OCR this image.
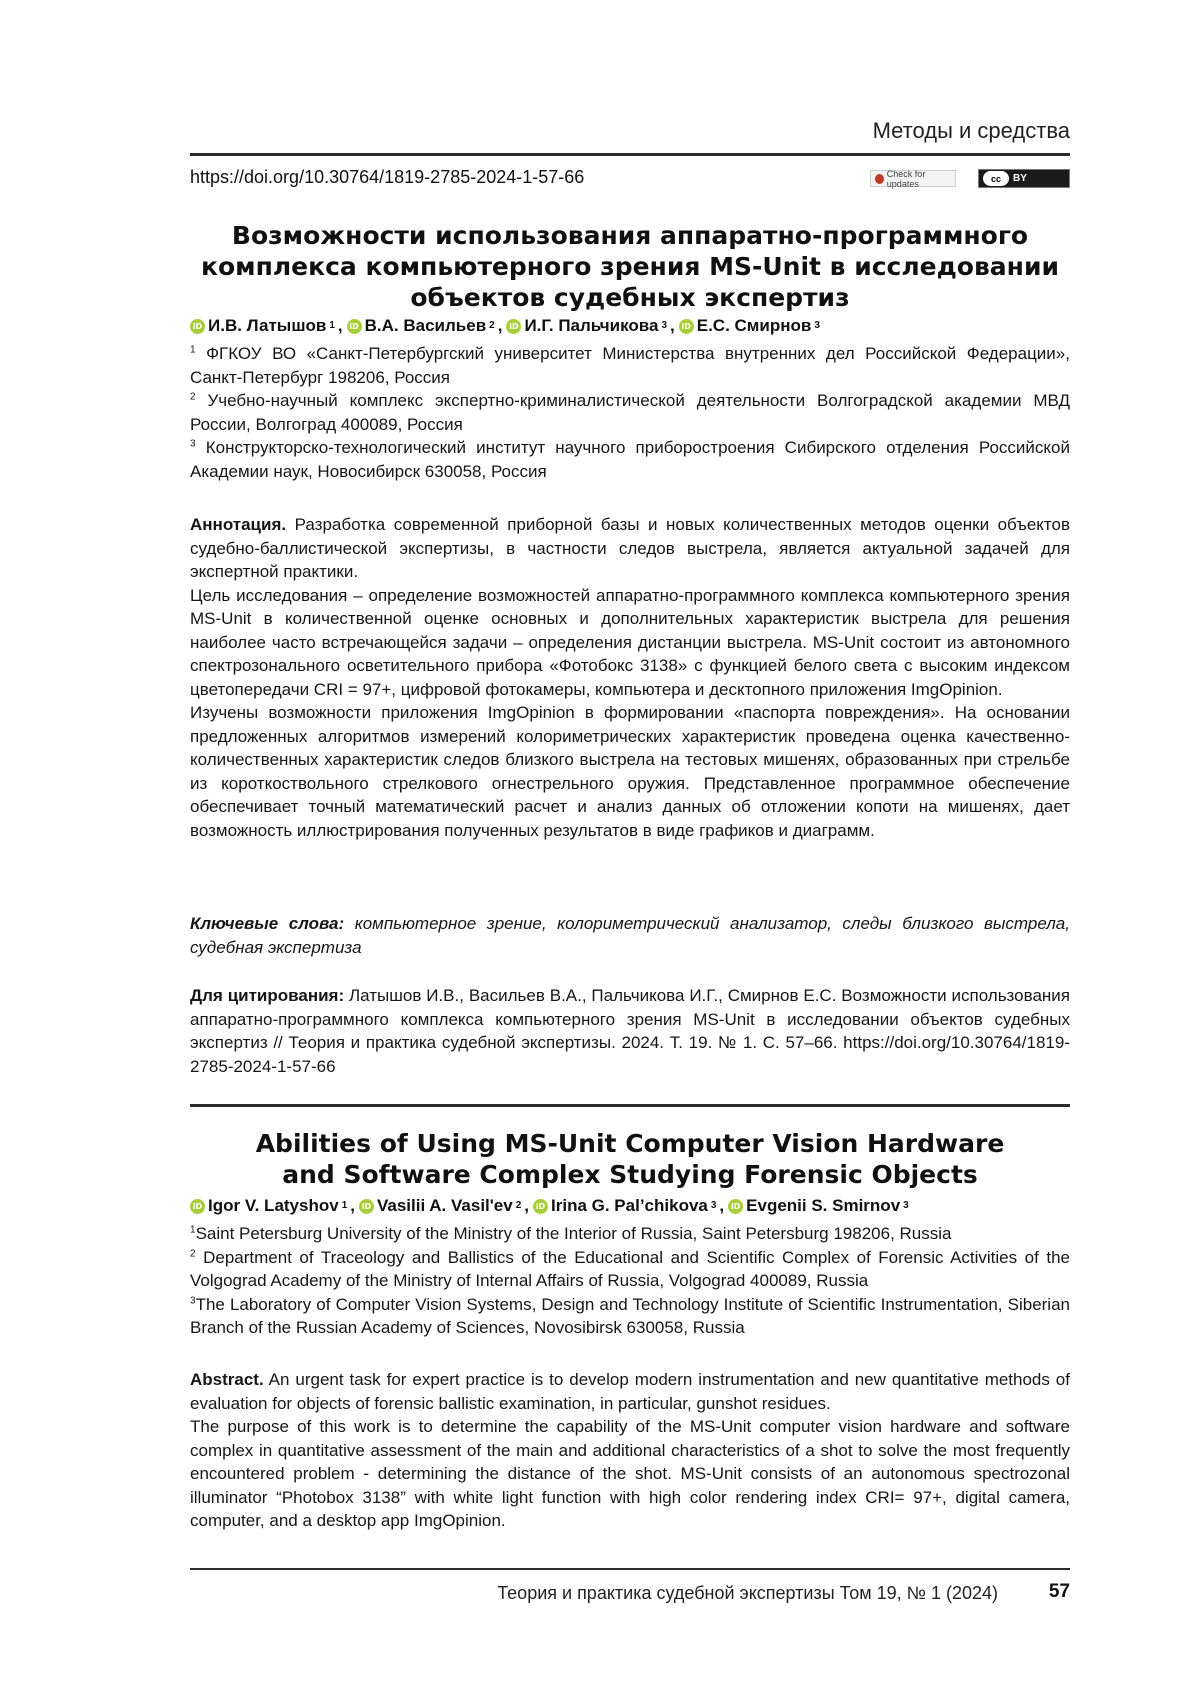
Методы и средства
https://doi.org/10.30764/1819-2785-2024-1-57-66	Check for updates	cc	BY
Возможности использования аппаратно-программного
комплекса компьютерного зрения MS-Unit в исследовании
объектов судебных экспертиз
iD И.В. Латышов 1 , iD В.А. Васильев 2 , iD И.Г. Пальчикова 3 , iD Е.С. Смирнов 3

$^1$ ФГКОУ ВО «Санкт-Петербургский университет Министерства внутренних дел Российской Федерации», Санкт-Петербург 198206, Россия

$^2$ Учебно-научный комплекс экспертно-криминалистической деятельности Волгоградской академии МВД России, Волгоград 400089, Россия

$^3$ Конструкторско-технологический институт научного приборостроения Сибирского отделения Российской Академии наук, Новосибирск 630058, Россия

Аннотация. Разработка современной приборной базы и новых количественных методов оценки объектов судебно-баллистической экспертизы, в частности следов выстрела, является актуальной задачей для экспертной практики.

Цель исследования – определение возможностей аппаратно-программного комплекса компьютерного зрения MS-Unit в количественной оценке основных и дополнительных характеристик выстрела для решения наиболее часто встречающейся задачи – определения дистанции выстрела. MS-Unit состоит из автономного спектрозонального осветительного прибора «Фотобокс 3138» с функцией белого света с высоким индексом цветопередачи CRI = 97+, цифровой фотокамеры, компьютера и десктопного приложения ImgOpinion.

Изучены возможности приложения ImgOpinion в формировании «паспорта повреждения». На основании предложенных алгоритмов измерений колориметрических характеристик проведена оценка качественно-количественных характеристик следов близкого выстрела на тестовых мишенях, образованных при стрельбе из короткоствольного стрелкового огнестрельного оружия. Представленное программное обеспечение обеспечивает точный математический расчет и анализ данных об отложении копоти на мишенях, дает возможность иллюстрирования полученных результатов в виде графиков и диаграмм.

Ключевые слова: компьютерное зрение, колориметрический анализатор, следы близкого выстрела, судебная экспертиза

Для цитирования: Латышов И.В., Васильев В.А., Пальчикова И.Г., Смирнов Е.С. Возможности использования аппаратно-программного комплекса компьютерного зрения MS-Unit в исследовании объектов судебных экспертиз // Теория и практика судебной экспертизы. 2024. Т. 19. № 1. С. 57–66. https://doi.org/10.30764/1819-2785-2024-1-57-66

Abilities of Using MS-Unit Computer Vision Hardware
and Software Complex Studying Forensic Objects
iD Igor V. Latyshov 1 , iD Vasilii A. Vasil'ev 2 , iD Irina G. Pal’chikova 3 , iD Evgenii S. Smirnov 3

$^1$Saint Petersburg University of the Ministry of the Interior of Russia, Saint Petersburg 198206, Russia

$^2$ Department of Traceology and Ballistics of the Educational and Scientific Complex of Forensic Activities of the Volgograd Academy of the Ministry of Internal Affairs of Russia, Volgograd 400089, Russia

$^3$The Laboratory of Computer Vision Systems, Design and Technology Institute of Scientific Instrumentation, Siberian Branch of the Russian Academy of Sciences, Novosibirsk 630058, Russia

Abstract. An urgent task for expert practice is to develop modern instrumentation and new quantitative methods of evaluation for objects of forensic ballistic examination, in particular, gunshot residues.

The purpose of this work is to determine the capability of the MS-Unit computer vision hardware and software complex in quantitative assessment of the main and additional characteristics of a shot to solve the most frequently encountered problem - determining the distance of the shot. MS-Unit consists of an autonomous spectrozonal illuminator “Photobox 3138” with white light function with high color rendering index CRI= 97+, digital camera, computer, and a desktop app ImgOpinion.

Теория и практика судебной экспертизы Том 19, № 1 (2024)	57
